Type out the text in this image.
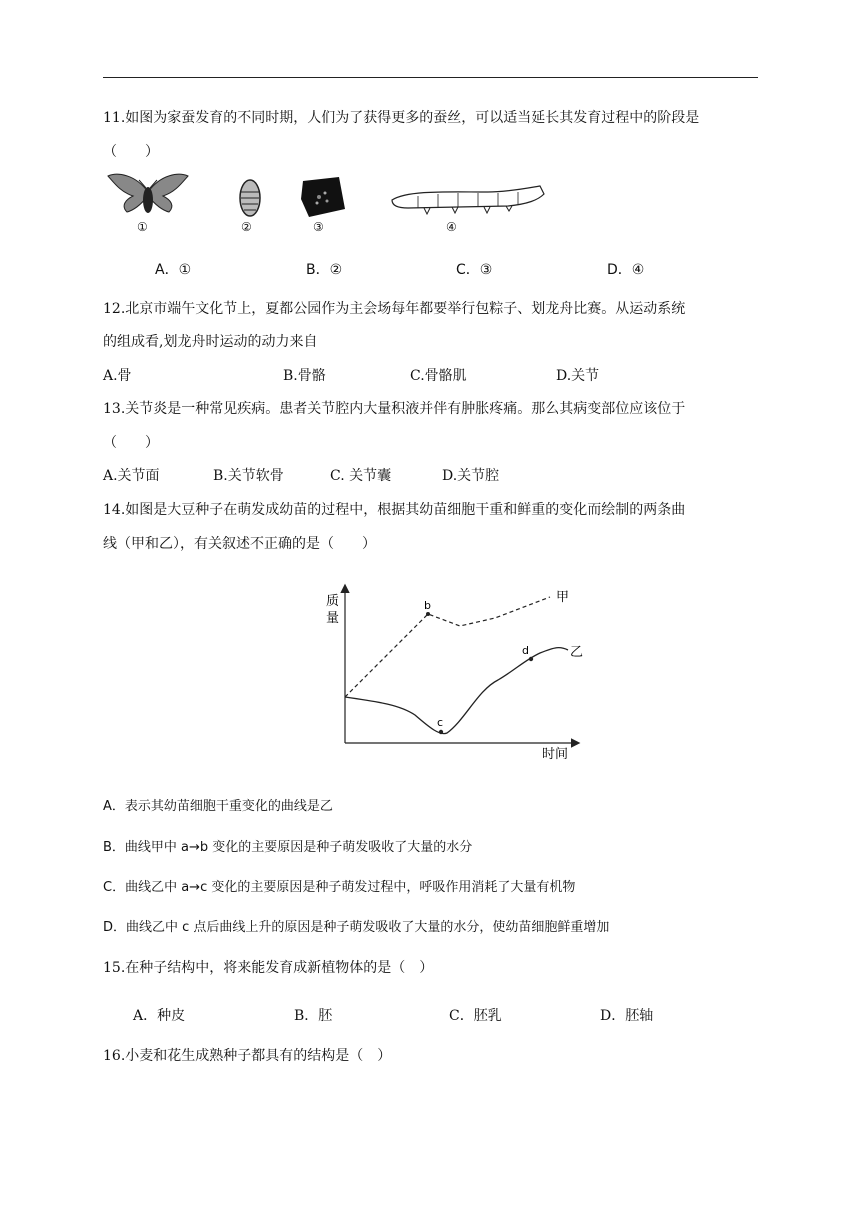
11.如图为家蚕发育的不同时期，人们为了获得更多的蚕丝，可以适当延长其发育过程中的阶段是
（　　）
①	②	③	④
A．①	B．②	C．③	D．④
12.北京市端午文化节上，夏都公园作为主会场每年都要举行包粽子、划龙舟比赛。从运动系统
的组成看,划龙舟时运动的动力来自
A.骨	B.骨骼	C.骨骼肌	D.关节
13.关节炎是一种常见疾病。患者关节腔内大量积液并伴有肿胀疼痛。那么其病变部位应该位于
（　　）
A.关节面	B.关节软骨	C. 关节囊	D.关节腔
14.如图是大豆种子在萌发成幼苗的过程中，根据其幼苗细胞干重和鲜重的变化而绘制的两条曲
线（甲和乙），有关叙述不正确的是（　　）
质
量
时间
b
甲
c
d	乙
A．表示其幼苗细胞干重变化的曲线是乙
B．曲线甲中 a→b 变化的主要原因是种子萌发吸收了大量的水分
C．曲线乙中 a→c 变化的主要原因是种子萌发过程中，呼吸作用消耗了大量有机物
D．曲线乙中 c 点后曲线上升的原因是种子萌发吸收了大量的水分，使幼苗细胞鲜重增加
15.在种子结构中，将来能发育成新植物体的是（　）
A．种皮	B．胚	C．胚乳	D．胚轴
16.小麦和花生成熟种子都具有的结构是（　）
